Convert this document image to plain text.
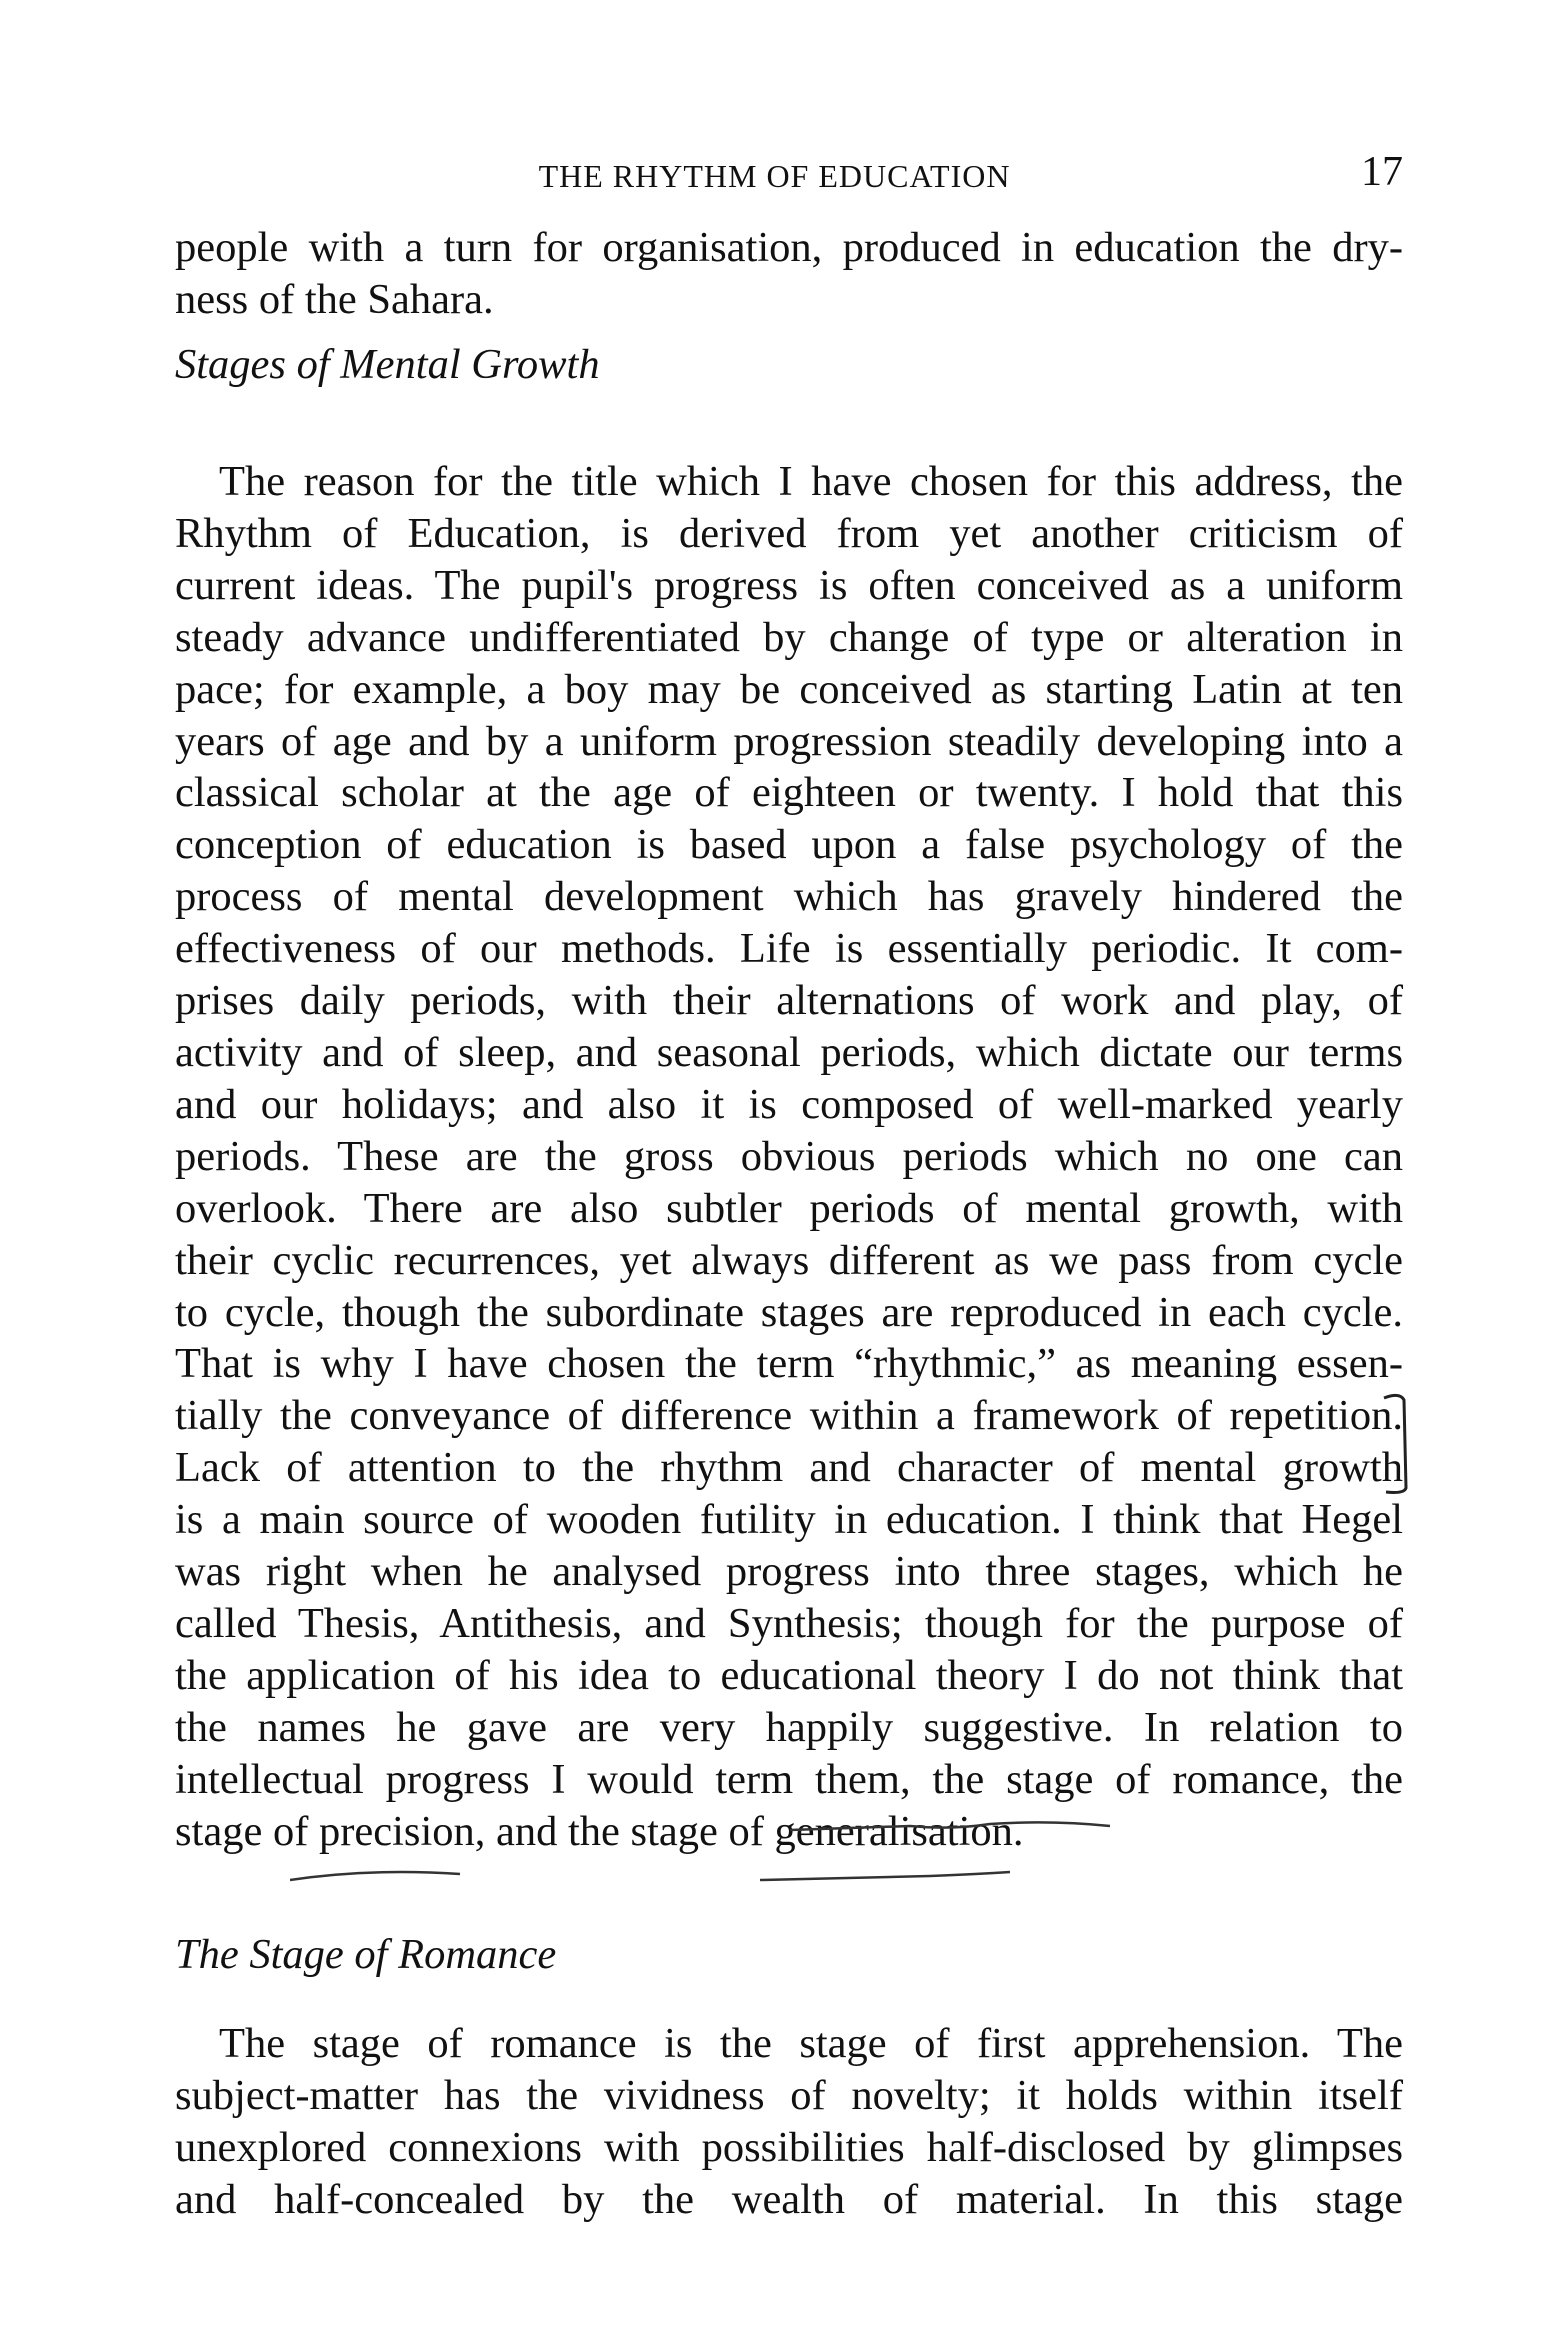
THE RHYTHM OF EDUCATION	17
people with a turn for organisation, produced in education the dry-
ness of the Sahara.
Stages of Mental Growth
The reason for the title which I have chosen for this address, the
Rhythm of Education, is derived from yet another criticism of
current ideas. The pupil's progress is often conceived as a uniform
steady advance undifferentiated by change of type or alteration in
pace; for example, a boy may be conceived as starting Latin at ten
years of age and by a uniform progression steadily developing into a
classical scholar at the age of eighteen or twenty. I hold that this
conception of education is based upon a false psychology of the
process of mental development which has gravely hindered the
effectiveness of our methods. Life is essentially periodic. It com-
prises daily periods, with their alternations of work and play, of
activity and of sleep, and seasonal periods, which dictate our terms
and our holidays; and also it is composed of well-marked yearly
periods. These are the gross obvious periods which no one can
overlook. There are also subtler periods of mental growth, with
their cyclic recurrences, yet always different as we pass from cycle
to cycle, though the subordinate stages are reproduced in each cycle.
That is why I have chosen the term “rhythmic,” as meaning essen-
tially the conveyance of difference within a framework of repetition.
Lack of attention to the rhythm and character of mental growth
is a main source of wooden futility in education. I think that Hegel
was right when he analysed progress into three stages, which he
called Thesis, Antithesis, and Synthesis; though for the purpose of
the application of his idea to educational theory I do not think that
the names he gave are very happily suggestive. In relation to
intellectual progress I would term them, the stage of romance, the
stage of precision, and the stage of generalisation.
The Stage of Romance
The stage of romance is the stage of first apprehension. The
subject-matter has the vividness of novelty; it holds within itself
unexplored connexions with possibilities half-disclosed by glimpses
and half-concealed by the wealth of material. In this stage
